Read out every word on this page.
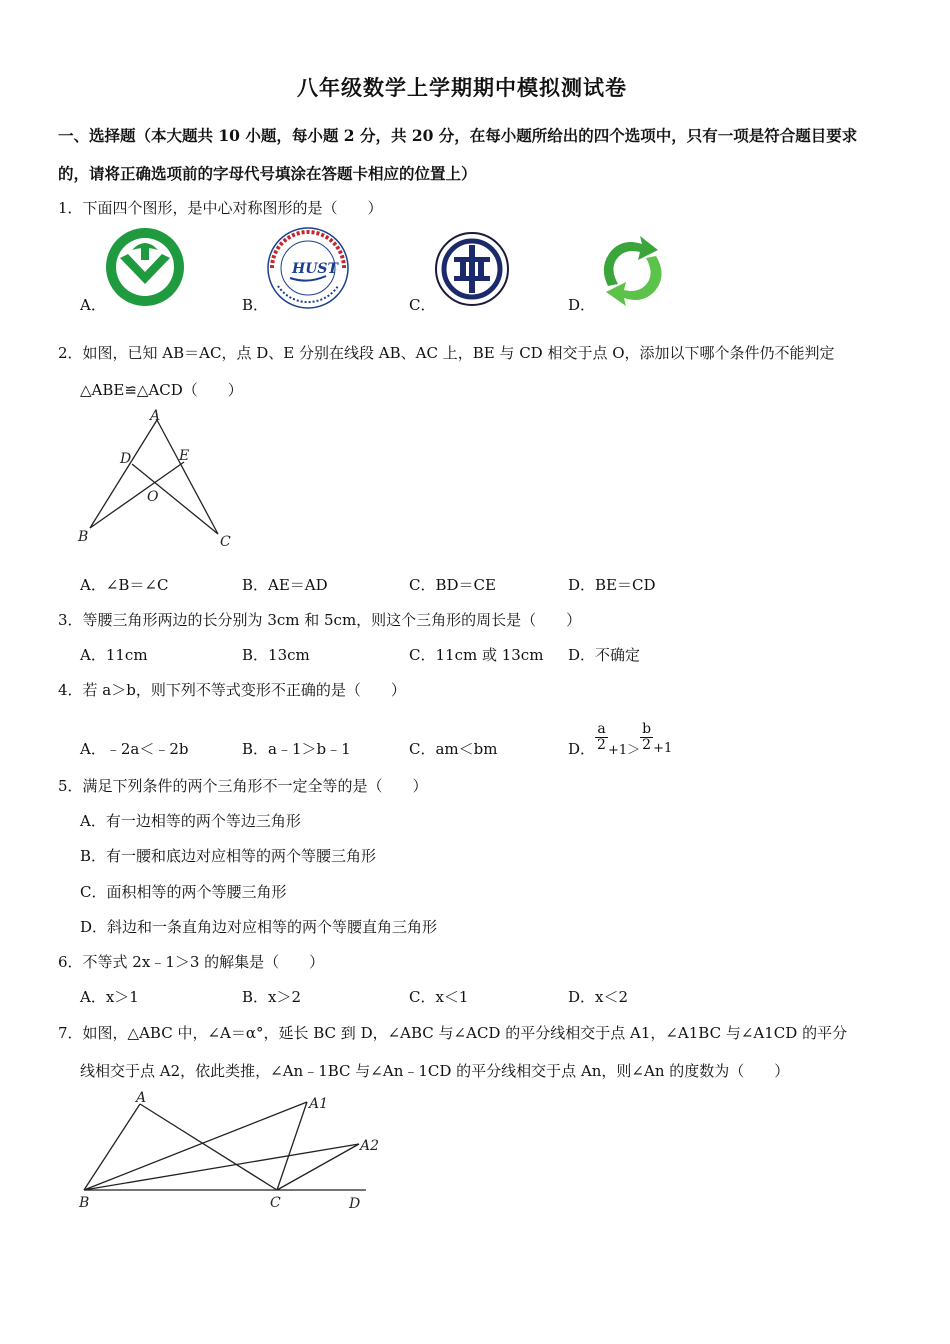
八年级数学上学期期中模拟测试卷
一、选择题（本大题共 10 小题，每小题 2 分，共 20 分，在每小题所给出的四个选项中，只有一项是符合题目要求
的，请将正确选项前的字母代号填涂在答题卡相应的位置上）
1．下面四个图形，是中心对称图形的是（　　）
A．	B．	C．	D．
HUST
2．如图，已知 AB＝AC，点 D、E 分别在线段 AB、AC 上，BE 与 CD 相交于点 O，添加以下哪个条件仍不能判定
△ABE≌△ACD（　　）
A
D	E
O
B	C
A．∠B＝∠C	B．AE＝AD	C．BD＝CE	D．BE＝CD
3．等腰三角形两边的长分别为 3cm 和 5cm，则这个三角形的周长是（　　）
A．11cm	B．13cm	C．11cm 或 13cm D．不确定
4．若 a＞b，则下列不等式变形不正确的是（　　）
A．﹣2a＜﹣2b	B．a﹣1＞b﹣1	C．am＜bm	D． $\frac{a}{2} +1> \frac{b}{2} +1$
5．满足下列条件的两个三角形不一定全等的是（　　）
A．有一边相等的两个等边三角形
B．有一腰和底边对应相等的两个等腰三角形
C．面积相等的两个等腰三角形
D．斜边和一条直角边对应相等的两个等腰直角三角形
6．不等式 2x﹣1＞3 的解集是（　　）
A．x＞1	B．x＞2	C．x＜1	D．x＜2
7．如图，△ABC 中，∠A＝α°，延长 BC 到 D，∠ABC 与∠ACD 的平分线相交于点 A1，∠A1BC 与∠A1CD 的平分
线相交于点 A2，依此类推，∠An﹣1BC 与∠An﹣1CD 的平分线相交于点 An，则∠An 的度数为（　　）
A	A1
A2
B	C	D
